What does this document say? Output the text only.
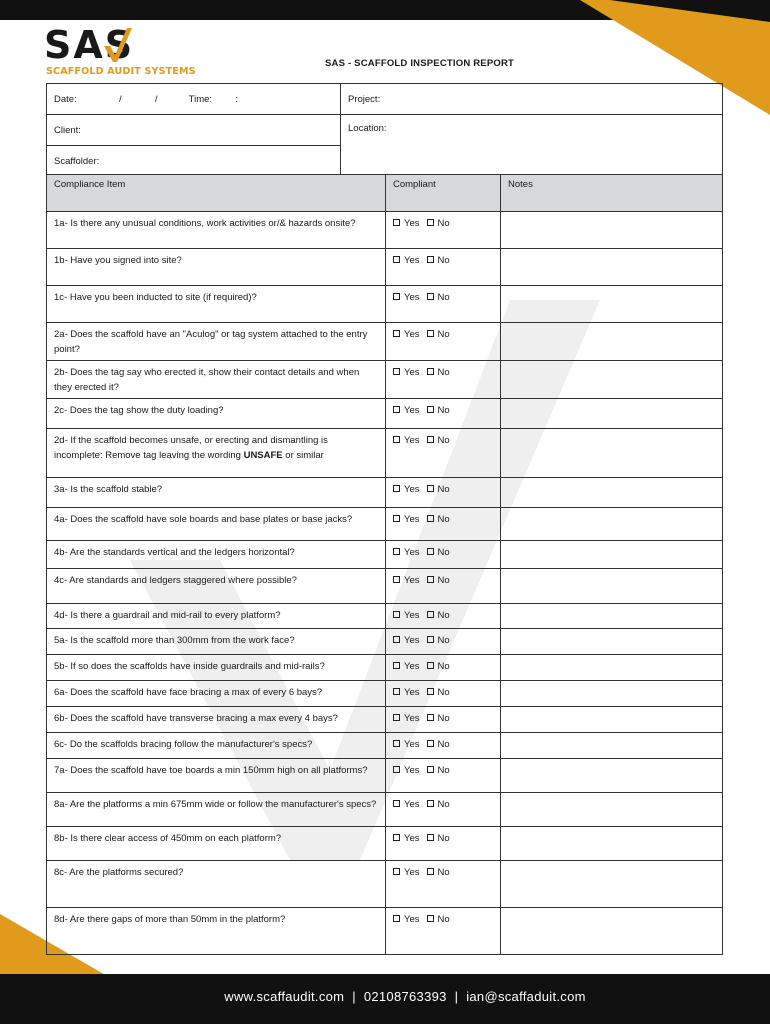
SAS
SCAFFOLD AUDIT SYSTEMS
SAS - SCAFFOLD INSPECTION REPORT
Date: / / Time: :	Project:
Client:	Location:
Scaffolder:	
Compliance Item	Compliant	Notes

1a- Is there any unusual conditions, work activities or/& hazards onsite?	Yes No	

1b- Have you signed into site?	Yes No	

1c- Have you been inducted to site (if required)?	Yes No	

2a- Does the scaffold have an "Aculog" or tag system attached to the entry point?	Yes No	

2b- Does the tag say who erected it, show their contact details and when they erected it?	Yes No	

2c- Does the tag show the duty loading?	Yes No	

2d- If the scaffold becomes unsafe, or erecting and dismantling is incomplete: Remove tag leaving the wording UNSAFE or similar	Yes No	

3a- Is the scaffold stable?	Yes No	

4a- Does the scaffold have sole boards and base plates or base jacks?	Yes No	

4b- Are the standards vertical and the ledgers horizontal?	Yes No	

4c- Are standards and ledgers staggered where possible?	Yes No	

4d- Is there a guardrail and mid-rail to every platform?	Yes No	

5a- Is the scaffold more than 300mm from the work face?	Yes No	

5b- If so does the scaffolds have inside guardrails and mid-rails?	Yes No	

6a- Does the scaffold have face bracing a max of every 6 bays?	Yes No	

6b- Does the scaffold have transverse bracing a max every 4 bays?	Yes No	

6c- Do the scaffolds bracing follow the manufacturer's specs?	Yes No	

7a- Does the scaffold have toe boards a min 150mm high on all platforms?	Yes No	

8a- Are the platforms a min 675mm wide or follow the manufacturer's specs?	Yes No	

8b- Is there clear access of 450mm on each platform?	Yes No	

8c- Are the platforms secured?	Yes No	

8d- Are there gaps of more than 50mm in the platform?	Yes No	
www.scaffaudit.com | 02108763393 | ian@scaffaduit.com
